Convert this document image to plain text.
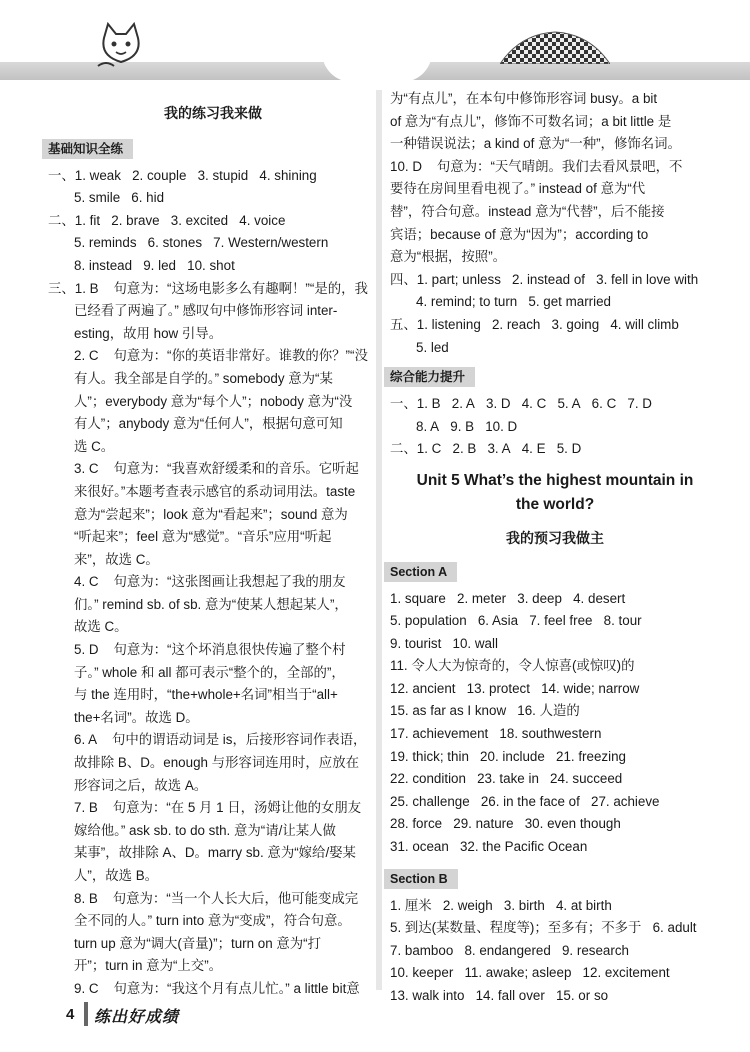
我的练习我来做
基础知识全练
一、1. weak   2. couple   3. stupid   4. shining
5. smile   6. hid
二、1. fit   2. brave   3. excited   4. voice
5. reminds   6. stones   7. Western/western
8. instead   9. led   10. shot
三、1. B    句意为：“这场电影多么有趣啊！”“是的，我
已经看了两遍了。” 感叹句中修饰形容词 inter-
esting，故用 how 引导。
2. C    句意为：“你的英语非常好。谁教的你？”“没
有人。我全部是自学的。” somebody 意为“某
人”；everybody 意为“每个人”；nobody 意为“没
有人”；anybody 意为“任何人”，根据句意可知
选 C。
3. C    句意为：“我喜欢舒缓柔和的音乐。它听起
来很好。”本题考查表示感官的系动词用法。taste
意为“尝起来”；look 意为“看起来”；sound 意为
“听起来”；feel 意为“感觉”。“音乐”应用“听起
来”，故选 C。
4. C    句意为：“这张图画让我想起了我的朋友
们。” remind sb. of sb. 意为“使某人想起某人”，
故选 C。
5. D    句意为：“这个坏消息很快传遍了整个村
子。” whole 和 all 都可表示“整个的，全部的”，
与 the 连用时，“the+whole+名词”相当于“all+
the+名词”。故选 D。
6. A    句中的谓语动词是 is，后接形容词作表语，
故排除 B、D。enough 与形容词连用时，应放在
形容词之后，故选 A。
7. B    句意为：“在 5 月 1 日，汤姆让他的女朋友
嫁给他。” ask sb. to do sth. 意为“请/让某人做
某事”，故排除 A、D。marry sb. 意为“嫁给/娶某
人”，故选 B。
8. B    句意为：“当一个人长大后，他可能变成完
全不同的人。” turn into 意为“变成”，符合句意。
turn up 意为“调大(音量)”；turn on 意为“打
开”；turn in 意为“上交”。
9. C    句意为：“我这个月有点儿忙。” a little bit意
为“有点儿”，在本句中修饰形容词 busy。a bit
of 意为“有点儿”，修饰不可数名词；a bit little 是
一种错误说法；a kind of 意为“一种”，修饰名词。
10. D    句意为：“天气晴朗。我们去看风景吧，不
要待在房间里看电视了。” instead of 意为“代
替”，符合句意。instead 意为“代替”，后不能接
宾语；because of 意为“因为”；according to
意为“根据，按照”。
四、1. part; unless   2. instead of   3. fell in love with
4. remind; to turn   5. get married
五、1. listening   2. reach   3. going   4. will climb
5. led
综合能力提升
一、1. B   2. A   3. D   4. C   5. A   6. C   7. D
8. A   9. B   10. D
二、1. C   2. B   3. A   4. E   5. D
Unit 5 What’s the highest mountain in
the world?
我的预习我做主
Section A
1. square   2. meter   3. deep   4. desert
5. population   6. Asia   7. feel free   8. tour
9. tourist   10. wall
11. 令人大为惊奇的，令人惊喜(或惊叹)的
12. ancient   13. protect   14. wide; narrow
15. as far as I know   16. 人造的
17. achievement   18. southwestern
19. thick; thin   20. include   21. freezing
22. condition   23. take in   24. succeed
25. challenge   26. in the face of   27. achieve
28. force   29. nature   30. even though
31. ocean   32. the Pacific Ocean
Section B
1. 厘米   2. weigh   3. birth   4. at birth
5. 到达(某数量、程度等)；至多有；不多于   6. adult
7. bamboo   8. endangered   9. research
10. keeper   11. awake; asleep   12. excitement
13. walk into   14. fall over   15. or so
4 练出好成绩
